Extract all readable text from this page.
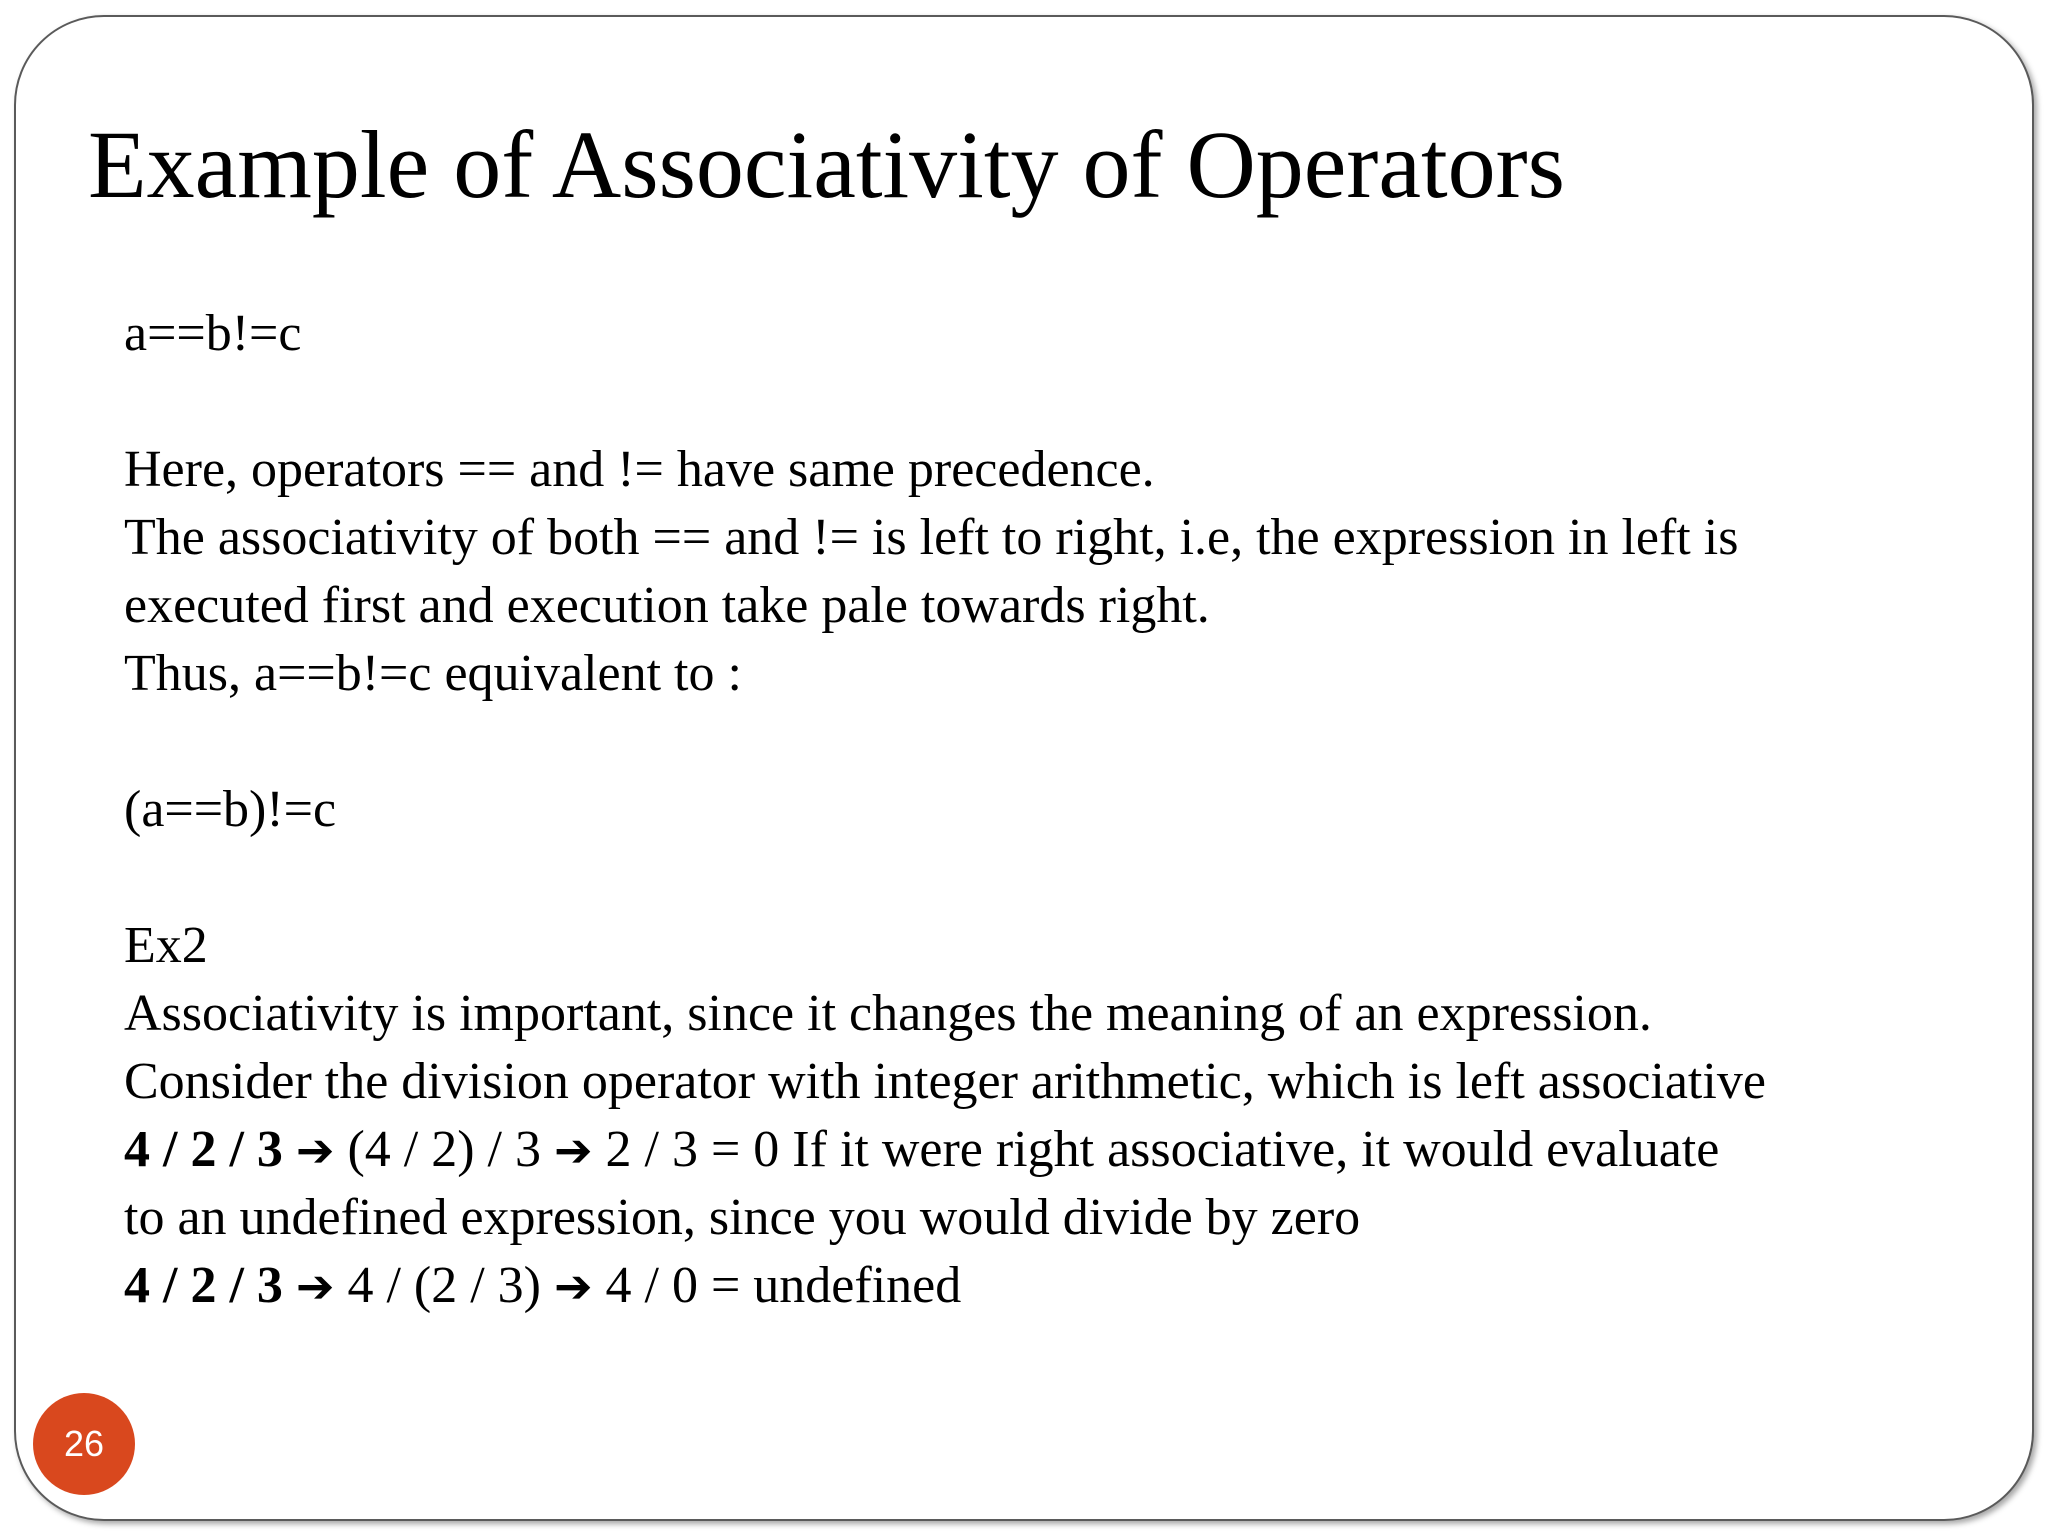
Example of Associativity of Operators
a==b!=c
Here, operators == and != have same precedence.
The associativity of both == and != is left to right, i.e, the expression in left is
executed first and execution take pale towards right.
Thus, a==b!=c equivalent to :
(a==b)!=c
Ex2
Associativity is important, since it changes the meaning of an expression.
Consider the division operator with integer arithmetic, which is left associative
4 / 2 / 3 ➔ (4 / 2) / 3 ➔ 2 / 3 = 0 If it were right associative, it would evaluate
to an undefined expression, since you would divide by zero
4 / 2 / 3 ➔ 4 / (2 / 3) ➔ 4 / 0 = undefined
26
